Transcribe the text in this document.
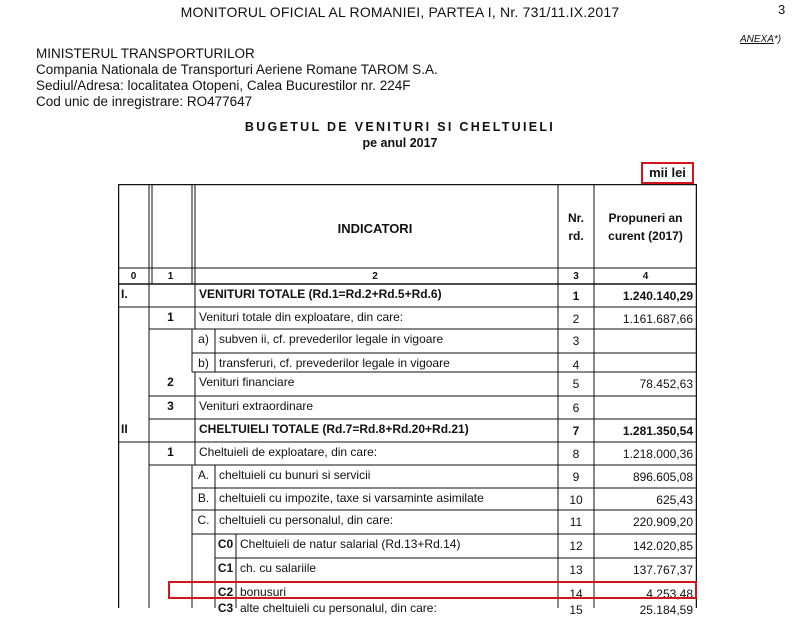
MONITORUL OFICIAL AL ROMANIEI, PARTEA I, Nr. 731/11.IX.2017	3
ANEXA*)
MINISTERUL TRANSPORTURILOR
Compania Nationala de Transporturi Aeriene Romane TAROM S.A.
Sediul/Adresa: localitatea Otopeni, Calea Bucurestilor nr. 224F
Cod unic de inregistrare: RO477647
BUGETUL DE VENITURI SI CHELTUIELI
pe anul 2017
mii lei
INDICATORI
Nr.
rd.
Propuneri an
curent (2017)
0	1	2	3	4
I.	VENITURI TOTALE (Rd.1=Rd.2+Rd.5+Rd.6)	1	1.240.140,29
1	Venituri totale din exploatare, din care:	2	1.161.687,66
a) subven ii, cf. prevederilor legale in vigoare	3
b) transferuri, cf. prevederilor legale in vigoare	4
2	Venituri financiare	5	78.452,63
3	Venituri extraordinare	6
II	CHELTUIELI TOTALE (Rd.7=Rd.8+Rd.20+Rd.21)	7	1.281.350,54
1	Cheltuieli de exploatare, din care:	8	1.218.000,36
A. cheltuieli cu bunuri si servicii	9	896.605,08
B. cheltuieli cu impozite, taxe si varsaminte asimilate	10	625,43
C. cheltuieli cu personalul, din care:	11	220.909,20
C0 Cheltuieli de natur salarial (Rd.13+Rd.14)	12	142.020,85
C1 ch. cu salariile	13	137.767,37
C2 bonusuri	14	4.253,48
C3 alte cheltuieli cu personalul, din care:	15	25.184,59
